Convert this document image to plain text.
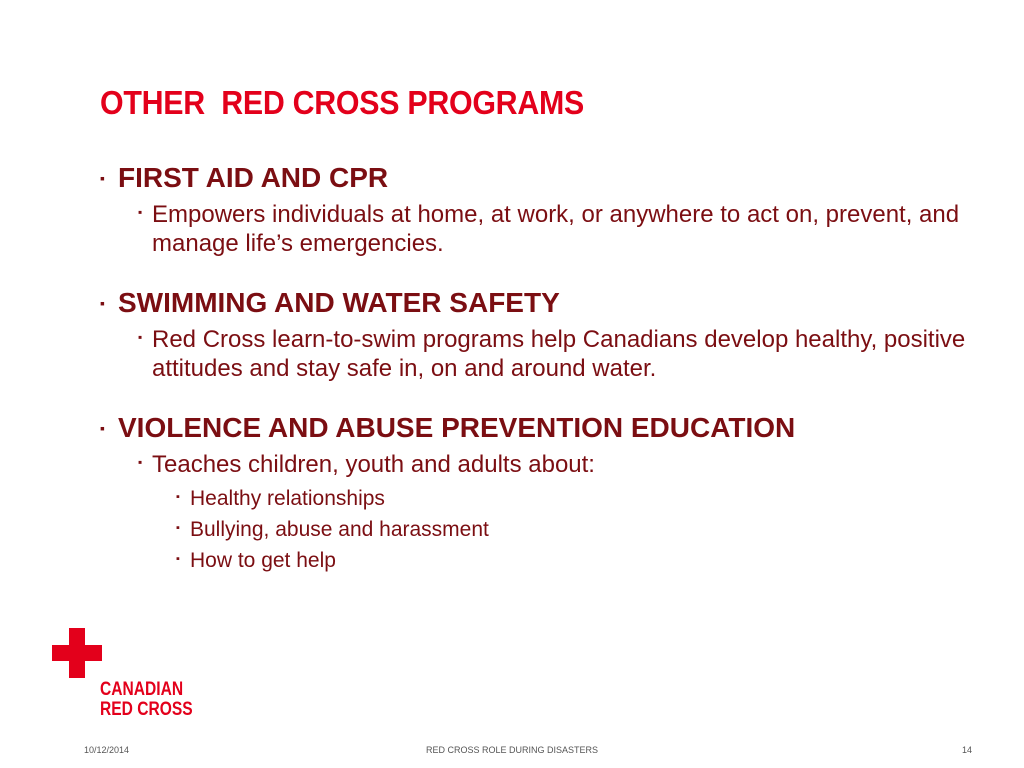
OTHER  RED CROSS PROGRAMS
▪ FIRST AID AND CPR
▪ Empowers individuals at home, at work, or anywhere to act on, prevent, and manage life’s emergencies.
▪ SWIMMING AND WATER SAFETY
▪ Red Cross learn-to-swim programs help Canadians develop healthy, positive attitudes and stay safe in, on and around water.
▪ VIOLENCE AND ABUSE PREVENTION EDUCATION
▪ Teaches children, youth and adults about:
▪ Healthy relationships
▪ Bullying, abuse and harassment
▪ How to get help
CANADIAN
RED CROSS
10/12/2014	RED CROSS ROLE DURING DISASTERS	14
